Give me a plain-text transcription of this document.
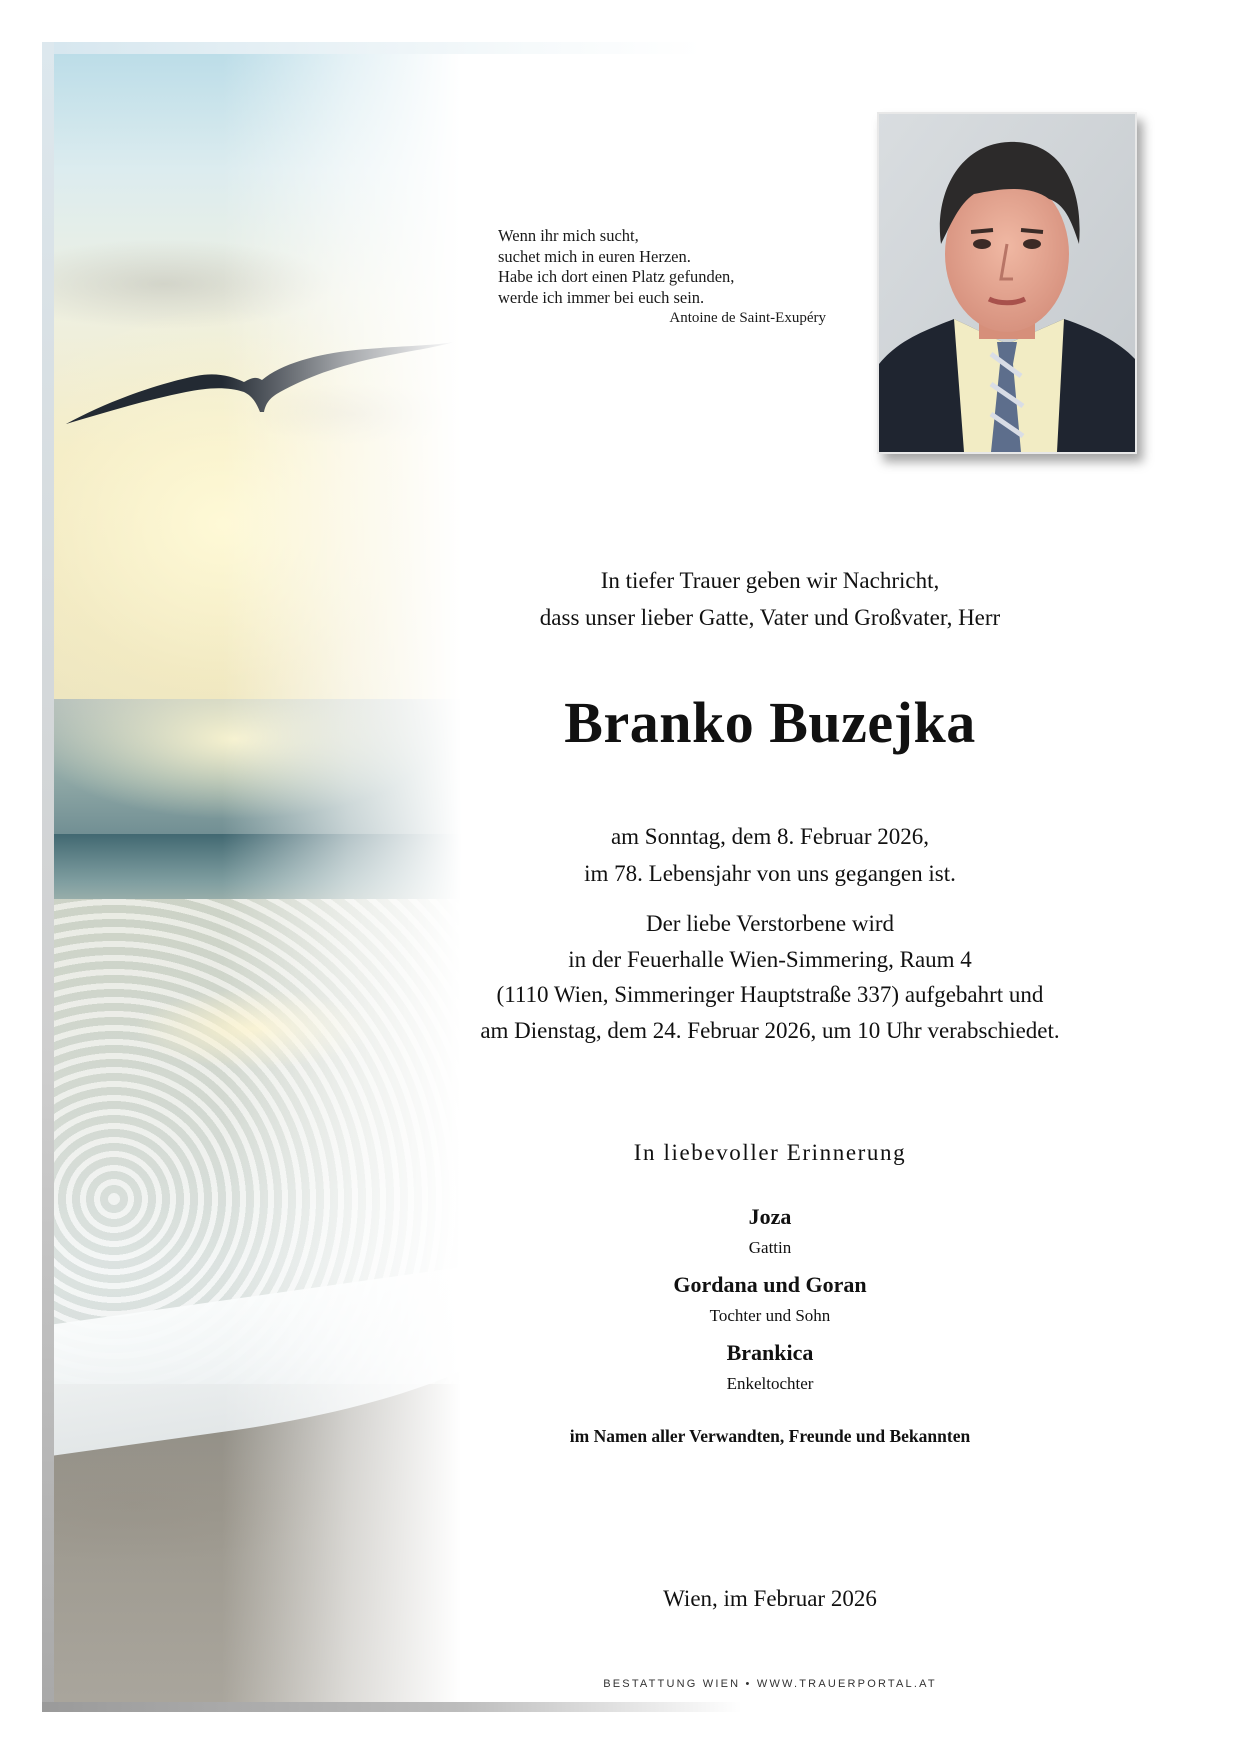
Wenn ihr mich sucht,
suchet mich in euren Herzen.
Habe ich dort einen Platz gefunden,
werde ich immer bei euch sein.
Antoine de Saint-Exupéry
In tiefer Trauer geben wir Nachricht,
dass unser lieber Gatte, Vater und Großvater, Herr
Branko Buzejka
am Sonntag, dem 8. Februar 2026,
im 78. Lebensjahr von uns gegangen ist.
Der liebe Verstorbene wird
in der Feuerhalle Wien-Simmering, Raum 4
(1110 Wien, Simmeringer Hauptstraße 337) aufgebahrt und
am Dienstag, dem 24. Februar 2026, um 10 Uhr verabschiedet.
In liebevoller Erinnerung
Joza
Gattin
Gordana und Goran
Tochter und Sohn
Brankica
Enkeltochter
im Namen aller Verwandten, Freunde und Bekannten
Wien, im Februar 2026
BESTATTUNG WIEN • WWW.TRAUERPORTAL.AT
